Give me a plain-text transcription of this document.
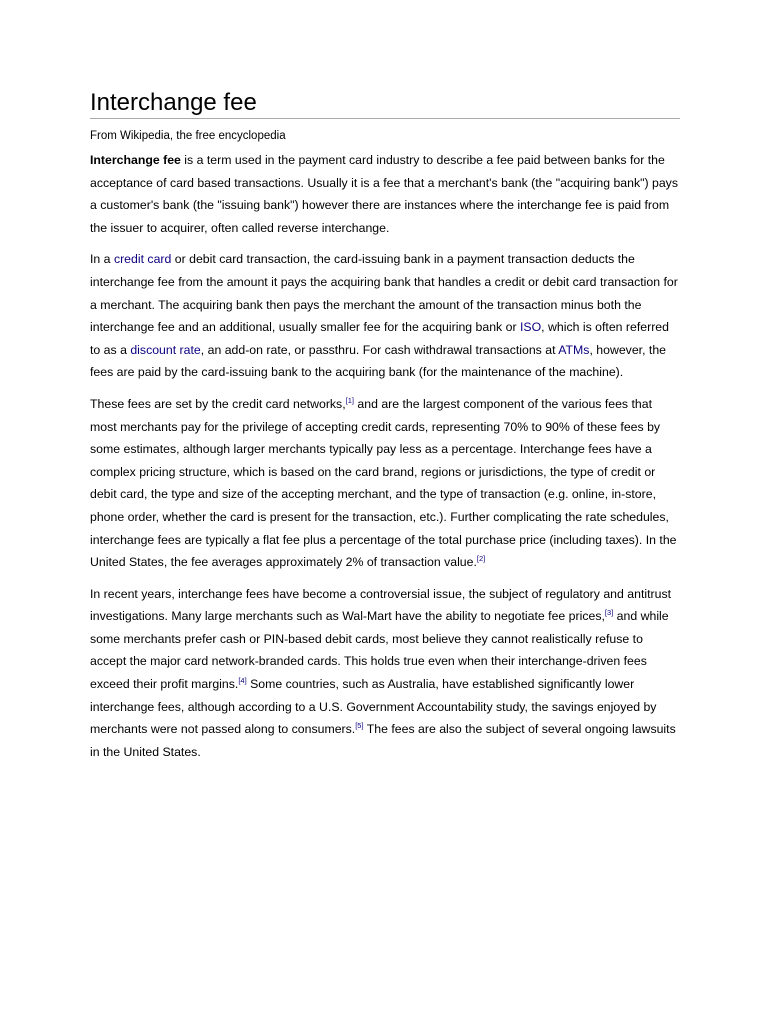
Interchange fee
From Wikipedia, the free encyclopedia

Interchange fee is a term used in the payment card industry to describe a fee paid between banks for the acceptance of card based transactions. Usually it is a fee that a merchant's bank (the "acquiring bank") pays a customer's bank (the "issuing bank") however there are instances where the interchange fee is paid from the issuer to acquirer, often called reverse interchange.

In a credit card or debit card transaction, the card-issuing bank in a payment transaction deducts the interchange fee from the amount it pays the acquiring bank that handles a credit or debit card transaction for a merchant. The acquiring bank then pays the merchant the amount of the transaction minus both the interchange fee and an additional, usually smaller fee for the acquiring bank or ISO, which is often referred to as a discount rate, an add-on rate, or passthru. For cash withdrawal transactions at ATMs, however, the fees are paid by the card-issuing bank to the acquiring bank (for the maintenance of the machine).

These fees are set by the credit card networks,[1] and are the largest component of the various fees that most merchants pay for the privilege of accepting credit cards, representing 70% to 90% of these fees by some estimates, although larger merchants typically pay less as a percentage. Interchange fees have a complex pricing structure, which is based on the card brand, regions or jurisdictions, the type of credit or debit card, the type and size of the accepting merchant, and the type of transaction (e.g. online, in-store, phone order, whether the card is present for the transaction, etc.). Further complicating the rate schedules, interchange fees are typically a flat fee plus a percentage of the total purchase price (including taxes). In the United States, the fee averages approximately 2% of transaction value.[2]

In recent years, interchange fees have become a controversial issue, the subject of regulatory and antitrust investigations. Many large merchants such as Wal-Mart have the ability to negotiate fee prices,[3] and while some merchants prefer cash or PIN-based debit cards, most believe they cannot realistically refuse to accept the major card network-branded cards. This holds true even when their interchange-driven fees exceed their profit margins.[4] Some countries, such as Australia, have established significantly lower interchange fees, although according to a U.S. Government Accountability study, the savings enjoyed by merchants were not passed along to consumers.[5] The fees are also the subject of several ongoing lawsuits in the United States.
